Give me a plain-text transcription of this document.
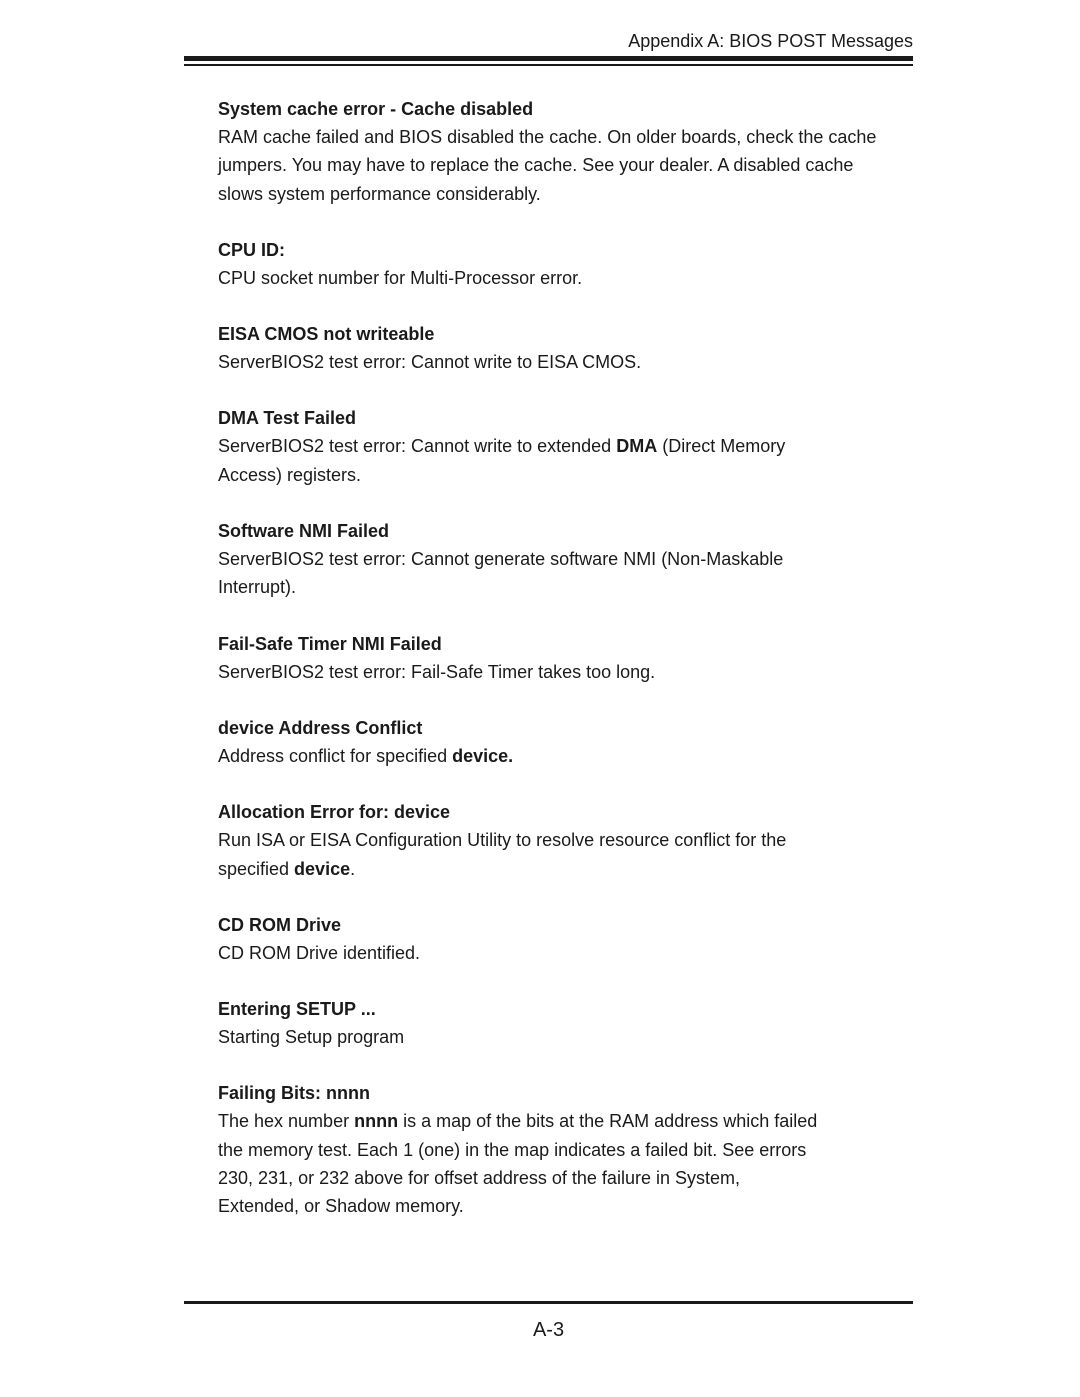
Appendix A: BIOS POST Messages
System cache error - Cache disabled

RAM cache failed and BIOS disabled the cache. On older boards, check the cache

jumpers. You may have to replace the cache. See your dealer. A disabled cache

slows system performance considerably.

CPU ID:

CPU socket number for Multi-Processor error.

EISA CMOS not writeable

ServerBIOS2 test error: Cannot write to EISA CMOS.

DMA Test Failed

ServerBIOS2 test error: Cannot write to extended DMA (Direct Memory

Access) registers.

Software NMI Failed

ServerBIOS2 test error: Cannot generate software NMI (Non-Maskable

Interrupt).

Fail-Safe Timer NMI Failed

ServerBIOS2 test error: Fail-Safe Timer takes too long.

device Address Conflict

Address conflict for specified device.

Allocation Error for: device

Run ISA or EISA Configuration Utility to resolve resource conflict for the

specified device.

CD ROM Drive

CD ROM Drive identified.

Entering SETUP ...

Starting Setup program

Failing Bits: nnnn

The hex number nnnn is a map of the bits at the RAM address which failed

the memory test. Each 1 (one) in the map indicates a failed bit. See errors

230, 231, or 232 above for offset address of the failure in System,

Extended, or Shadow memory.

A-3
